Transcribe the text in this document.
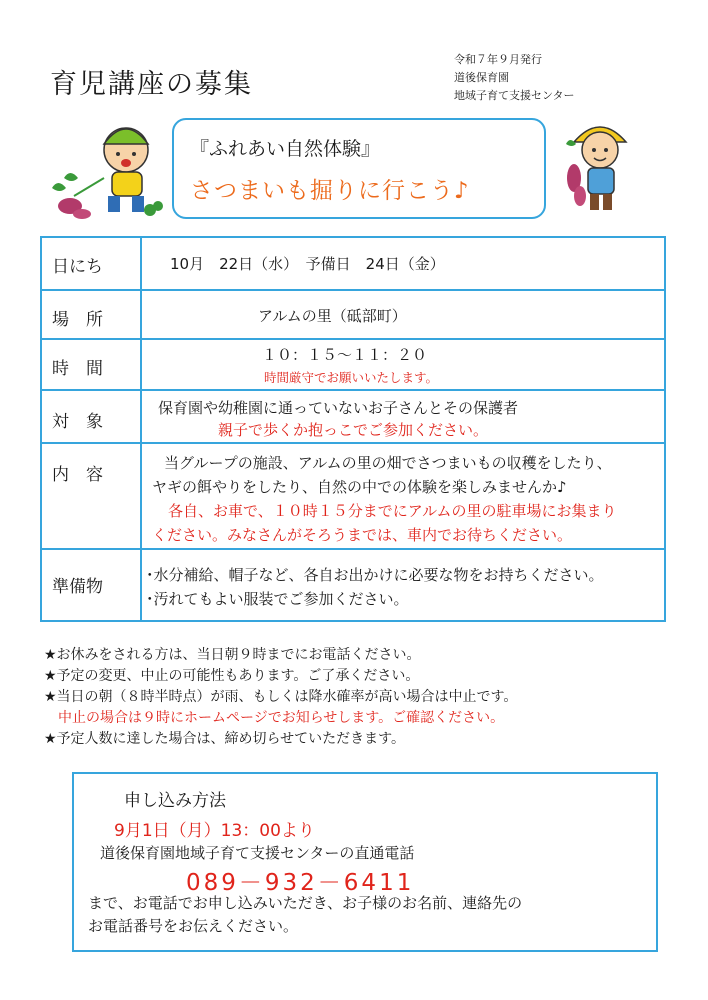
育児講座の募集
令和７年９月発行
道後保育園
地域子育て支援センター
『ふれあい自然体験』
さつまいも掘りに行こう♪
日にち	10月　22日（水）　予備日　24日（金）
場　所	アルムの里（砥部町）
時　間
１０：１５～１１：２０
時間厳守でお願いいたします。
対　象
保育園や幼稚園に通っていないお子さんとその保護者
親子で歩くか抱っこでご参加ください。
内　容
当グループの施設、アルムの里の畑でさつまいもの収穫をしたり、
ヤギの餌やりをしたり、自然の中での体験を楽しみませんか♪
各自、お車で、１０時１５分までにアルムの里の駐車場にお集まり
ください。みなさんがそろうまでは、車内でお待ちください。
準備物
･水分補給、帽子など、各自お出かけに必要な物をお持ちください。
･汚れてもよい服装でご参加ください。
★お休みをされる方は、当日朝９時までにお電話ください。
★予定の変更、中止の可能性もあります。ご了承ください。
★当日の朝（８時半時点）が雨、もしくは降水確率が高い場合は中止です。
中止の場合は９時にホームページでお知らせします。ご確認ください。
★予定人数に達した場合は、締め切らせていただきます。
申し込み方法
9月1日（月）13：00より
道後保育園地域子育て支援センターの直通電話
089－932－6411
まで、お電話でお申し込みいただき、お子様のお名前、連絡先の
お電話番号をお伝えください。
